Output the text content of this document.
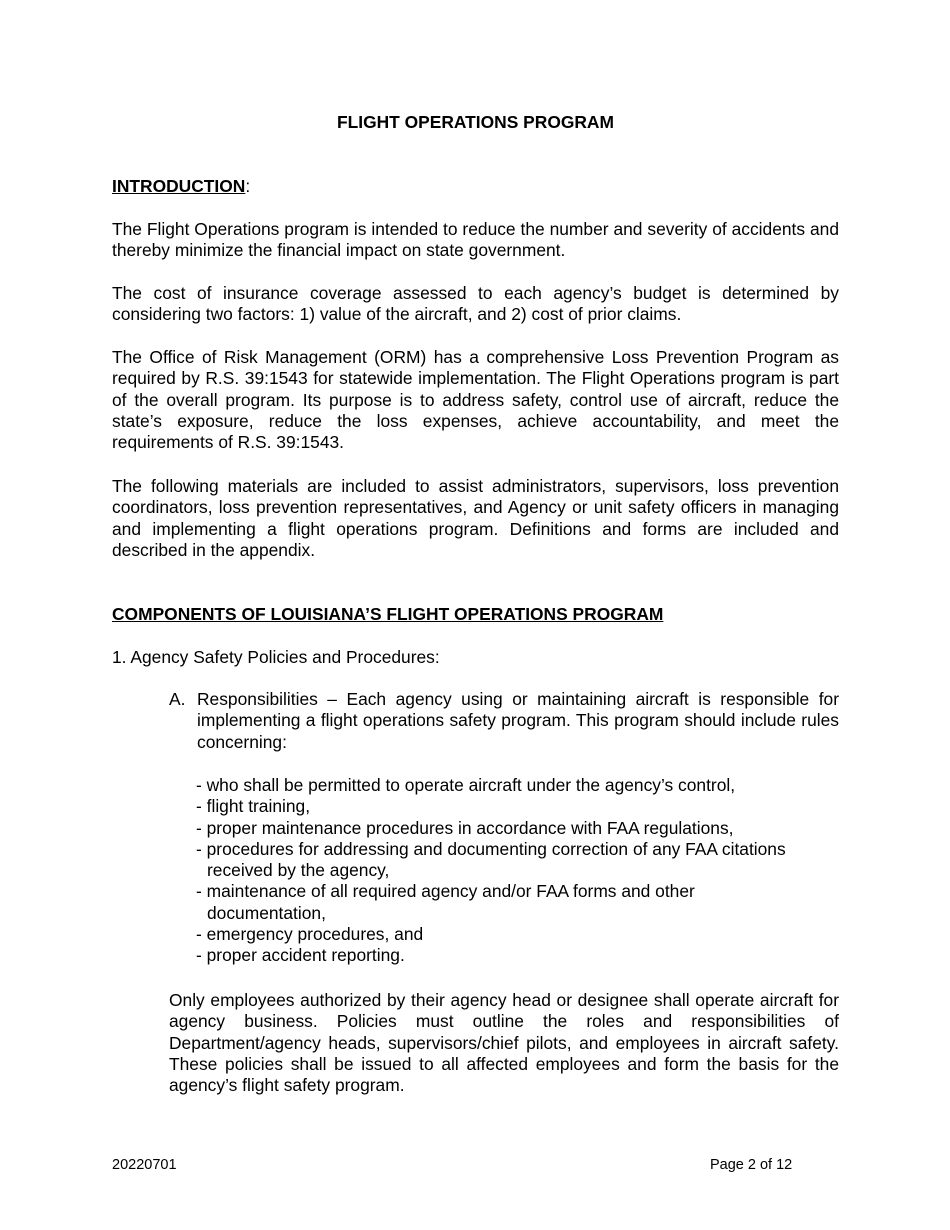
FLIGHT OPERATIONS PROGRAM
INTRODUCTION:

The Flight Operations program is intended to reduce the number and severity of accidents and thereby minimize the financial impact on state government.

The cost of insurance coverage assessed to each agency’s budget is determined by considering two factors: 1) value of the aircraft, and 2) cost of prior claims.

The Office of Risk Management (ORM) has a comprehensive Loss Prevention Program as required by R.S. 39:1543 for statewide implementation. The Flight Operations program is part of the overall program. Its purpose is to address safety, control use of aircraft, reduce the state’s exposure, reduce the loss expenses, achieve accountability, and meet the requirements of R.S. 39:1543.

The following materials are included to assist administrators, supervisors, loss prevention coordinators, loss prevention representatives, and Agency or unit safety officers in managing and implementing a flight operations program. Definitions and forms are included and described in the appendix.

COMPONENTS OF LOUISIANA’S FLIGHT OPERATIONS PROGRAM
1. Agency Safety Policies and Procedures:
A. Responsibilities – Each agency using or maintaining aircraft is responsible for implementing a flight operations safety program. This program should include rules concerning:
- who shall be permitted to operate aircraft under the agency’s control,
- flight training,
- proper maintenance procedures in accordance with FAA regulations,
- procedures for addressing and documenting correction of any FAA citations received by the agency,
- maintenance of all required agency and/or FAA forms and other documentation,
- emergency procedures, and
- proper accident reporting.

Only employees authorized by their agency head or designee shall operate aircraft for agency business. Policies must outline the roles and responsibilities of Department/agency heads, supervisors/chief pilots, and employees in aircraft safety. These policies shall be issued to all affected employees and form the basis for the agency’s flight safety program.

20220701	Page 2 of 12
